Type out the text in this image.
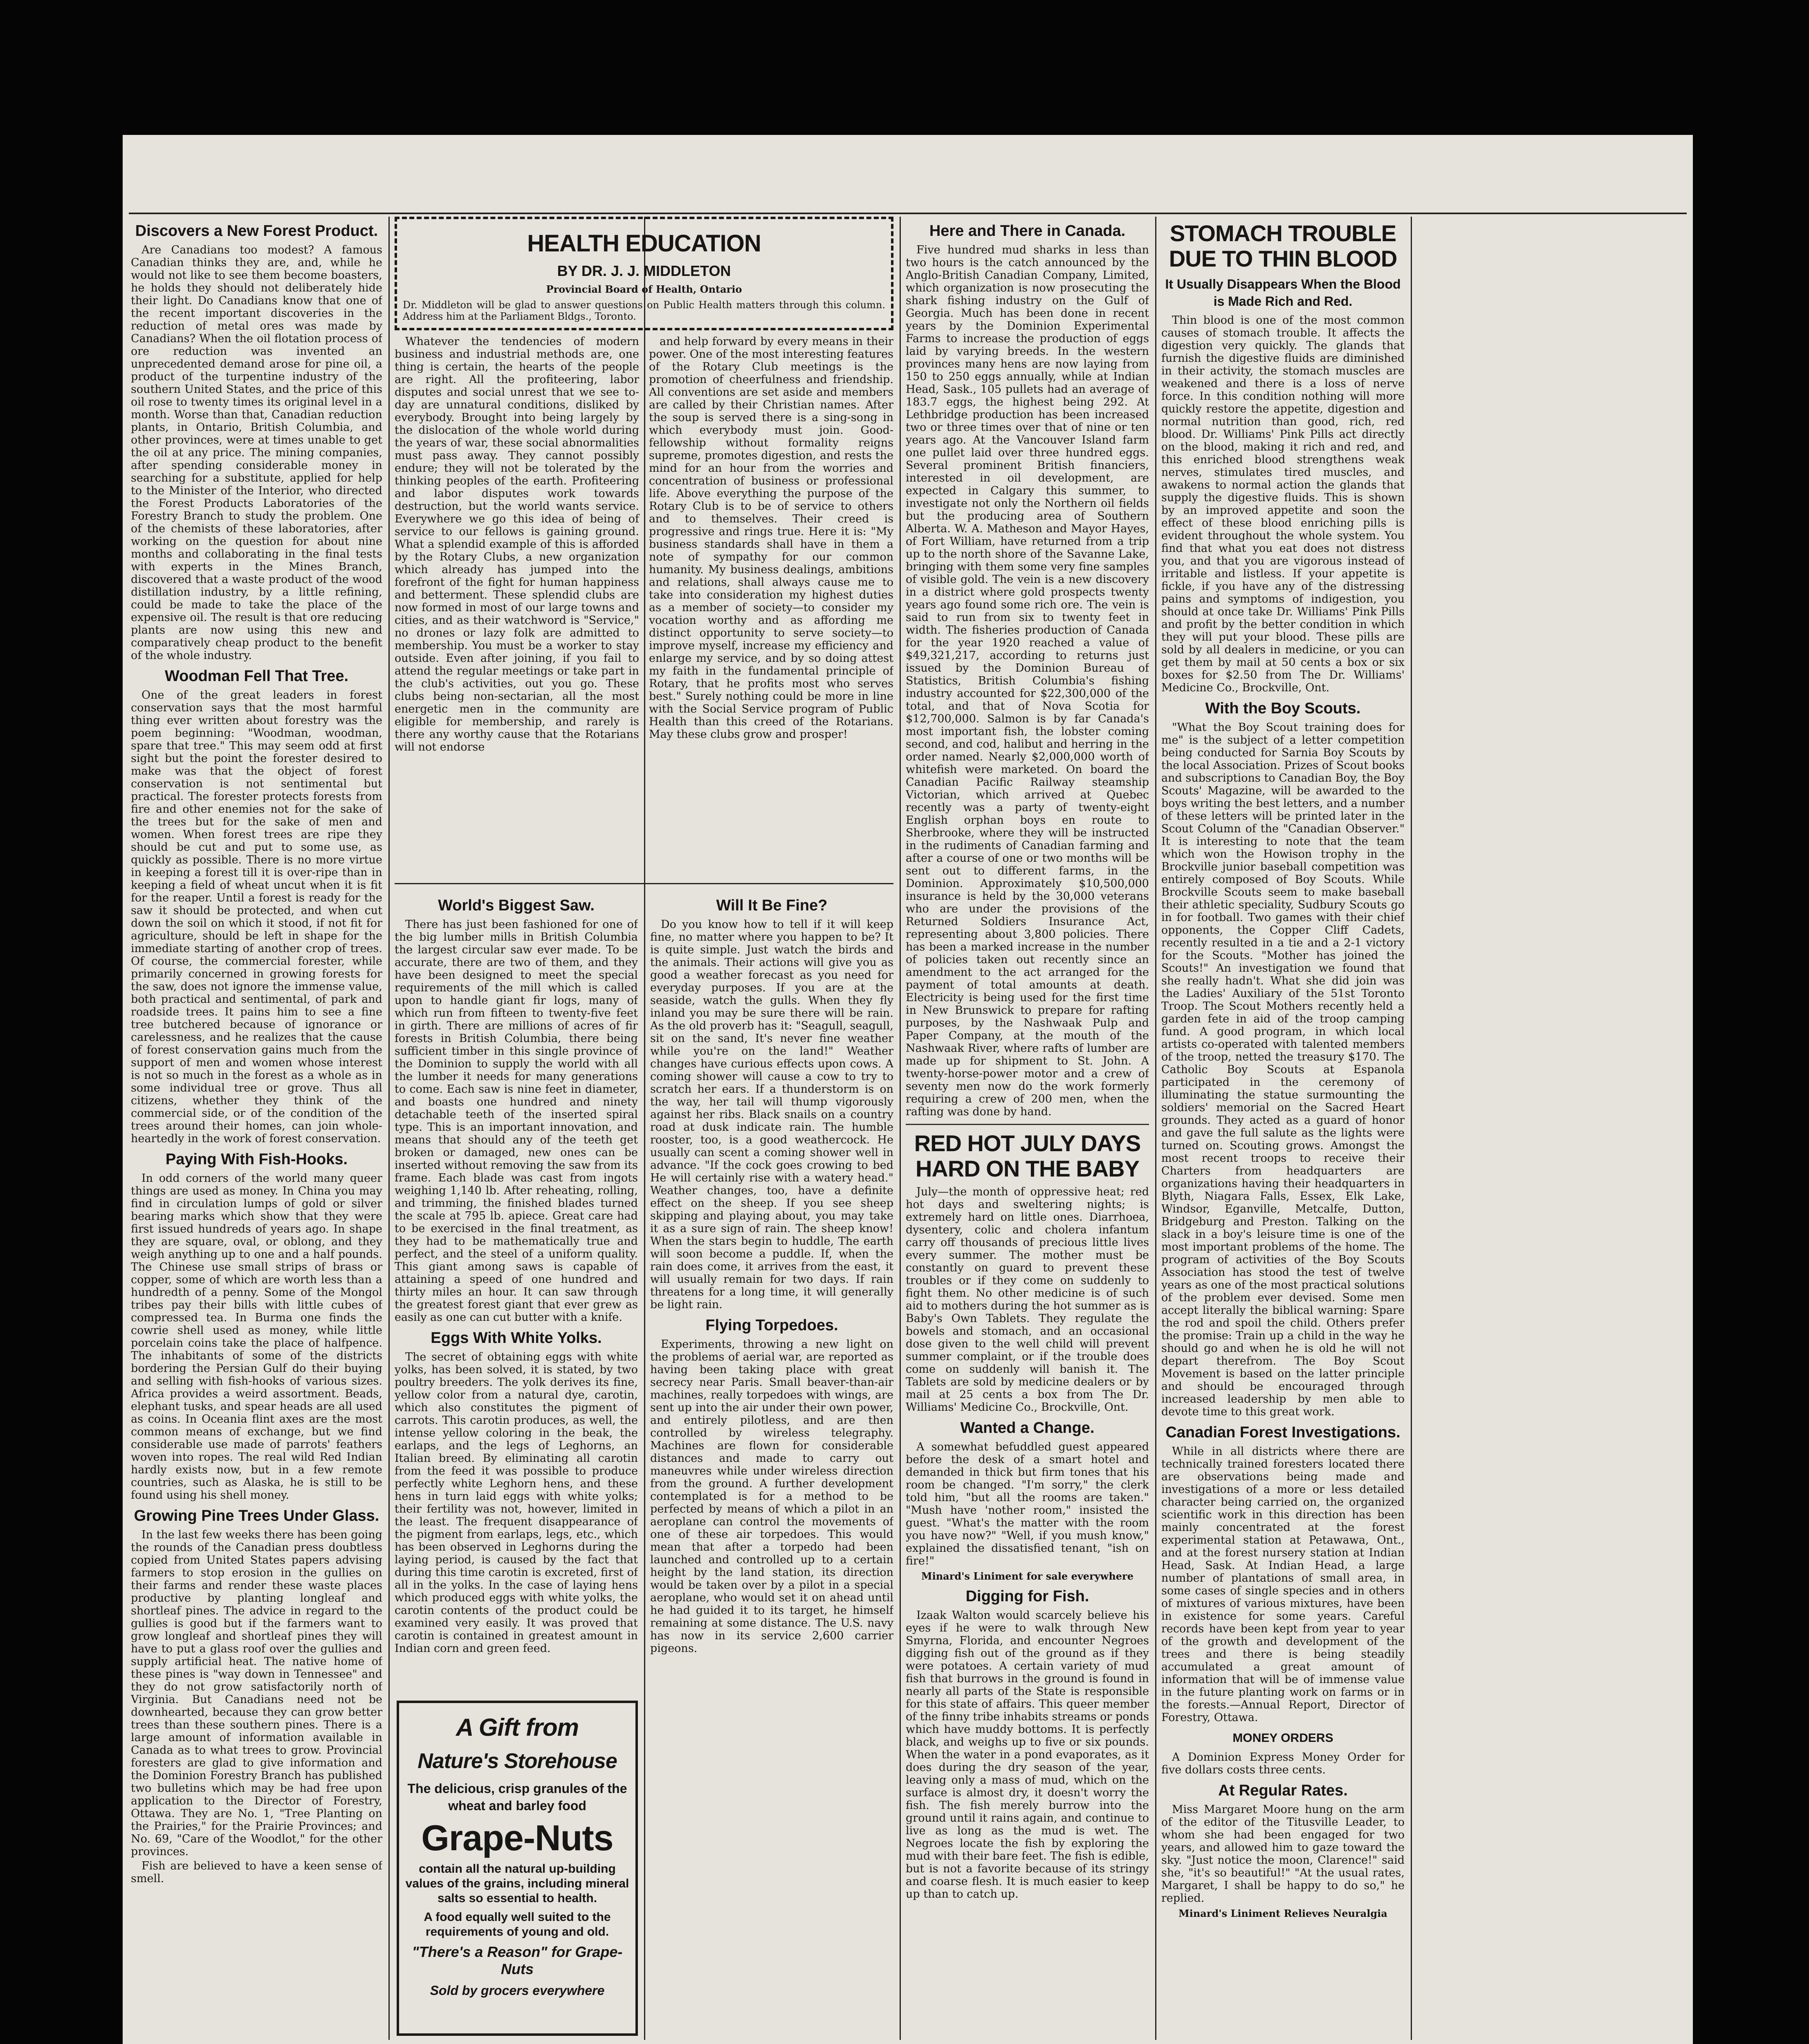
Discovers a New Forest Product.

Are Canadians too modest? A famous Canadian thinks they are, and, while he would not like to see them become boasters, he holds they should not deliberately hide their light. Do Canadians know that one of the recent important discoveries in the reduction of metal ores was made by Canadians? When the oil flotation process of ore reduction was invented an unprecedented demand arose for pine oil, a product of the turpentine industry of the southern United States, and the price of this oil rose to twenty times its original level in a month. Worse than that, Canadian reduction plants, in Ontario, British Columbia, and other provinces, were at times unable to get the oil at any price. The mining companies, after spending considerable money in searching for a substitute, applied for help to the Minister of the Interior, who directed the Forest Products Laboratories of the Forestry Branch to study the problem. One of the chemists of these laboratories, after working on the question for about nine months and collaborating in the final tests with experts in the Mines Branch, discovered that a waste product of the wood distillation industry, by a little refining, could be made to take the place of the expensive oil. The result is that ore reducing plants are now using this new and comparatively cheap product to the benefit of the whole industry.

Woodman Fell That Tree.

One of the great leaders in forest conservation says that the most harmful thing ever written about forestry was the poem beginning: "Woodman, woodman, spare that tree." This may seem odd at first sight but the point the forester desired to make was that the object of forest conservation is not sentimental but practical. The forester protects forests from fire and other enemies not for the sake of the trees but for the sake of men and women. When forest trees are ripe they should be cut and put to some use, as quickly as possible. There is no more virtue in keeping a forest till it is over-ripe than in keeping a field of wheat uncut when it is fit for the reaper. Until a forest is ready for the saw it should be protected, and when cut down the soil on which it stood, if not fit for agriculture, should be left in shape for the immediate starting of another crop of trees. Of course, the commercial forester, while primarily concerned in growing forests for the saw, does not ignore the immense value, both practical and sentimental, of park and roadside trees. It pains him to see a fine tree butchered because of ignorance or carelessness, and he realizes that the cause of forest conservation gains much from the support of men and women whose interest is not so much in the forest as a whole as in some individual tree or grove. Thus all citizens, whether they think of the commercial side, or of the condition of the trees around their homes, can join whole-heartedly in the work of forest conservation.

Paying With Fish-Hooks.

In odd corners of the world many queer things are used as money. In China you may find in circulation lumps of gold or silver bearing marks which show that they were first issued hundreds of years ago. In shape they are square, oval, or oblong, and they weigh anything up to one and a half pounds. The Chinese use small strips of brass or copper, some of which are worth less than a hundredth of a penny. Some of the Mongol tribes pay their bills with little cubes of compressed tea. In Burma one finds the cowrie shell used as money, while little porcelain coins take the place of halfpence. The inhabitants of some of the districts bordering the Persian Gulf do their buying and selling with fish-hooks of various sizes. Africa provides a weird assortment. Beads, elephant tusks, and spear heads are all used as coins. In Oceania flint axes are the most common means of exchange, but we find considerable use made of parrots' feathers woven into ropes. The real wild Red Indian hardly exists now, but in a few remote countries, such as Alaska, he is still to be found using his shell money.

Growing Pine Trees Under Glass.

In the last few weeks there has been going the rounds of the Canadian press doubtless copied from United States papers advising farmers to stop erosion in the gullies on their farms and render these waste places productive by planting longleaf and shortleaf pines. The advice in regard to the gullies is good but if the farmers want to grow longleaf and shortleaf pines they will have to put a glass roof over the gullies and supply artificial heat. The native home of these pines is "way down in Tennessee" and they do not grow satisfactorily north of Virginia. But Canadians need not be downhearted, because they can grow better trees than these southern pines. There is a large amount of information available in Canada as to what trees to grow. Provincial foresters are glad to give information and the Dominion Forestry Branch has published two bulletins which may be had free upon application to the Director of Forestry, Ottawa. They are No. 1, "Tree Planting on the Prairies," for the Prairie Provinces; and No. 69, "Care of the Woodlot," for the other provinces.

Fish are believed to have a keen sense of smell.

HEALTH EDUCATION
BY DR. J. J. MIDDLETON
Provincial Board of Health, Ontario
Dr. Middleton will be glad to answer questions on Public Health matters through this column. Address him at the Parliament Bldgs., Toronto.

Whatever the tendencies of modern business and industrial methods are, one thing is certain, the hearts of the people are right. All the profiteering, labor disputes and social unrest that we see to-day are unnatural conditions, disliked by everybody. Brought into being largely by the dislocation of the whole world during the years of war, these social abnormalities must pass away. They cannot possibly endure; they will not be tolerated by the thinking peoples of the earth. Profiteering and labor disputes work towards destruction, but the world wants service. Everywhere we go this idea of being of service to our fellows is gaining ground. What a splendid example of this is afforded by the Rotary Clubs, a new organization which already has jumped into the forefront of the fight for human happiness and betterment. These splendid clubs are now formed in most of our large towns and cities, and as their watchword is "Service," no drones or lazy folk are admitted to membership. You must be a worker to stay outside. Even after joining, if you fail to attend the regular meetings or take part in the club's activities, out you go. These clubs being non-sectarian, all the most energetic men in the community are eligible for membership, and rarely is there any worthy cause that the Rotarians will not endorse

and help forward by every means in their power. One of the most interesting features of the Rotary Club meetings is the promotion of cheerfulness and friendship. All conventions are set aside and members are called by their Christian names. After the soup is served there is a sing-song in which everybody must join. Good-fellowship without formality reigns supreme, promotes digestion, and rests the mind for an hour from the worries and concentration of business or professional life. Above everything the purpose of the Rotary Club is to be of service to others and to themselves. Their creed is progressive and rings true. Here it is: "My business standards shall have in them a note of sympathy for our common humanity. My business dealings, ambitions and relations, shall always cause me to take into consideration my highest duties as a member of society—to consider my vocation worthy and as affording me distinct opportunity to serve society—to improve myself, increase my efficiency and enlarge my service, and by so doing attest my faith in the fundamental principle of Rotary, that he profits most who serves best." Surely nothing could be more in line with the Social Service program of Public Health than this creed of the Rotarians. May these clubs grow and prosper!

World's Biggest Saw.

There has just been fashioned for one of the big lumber mills in British Columbia the largest circular saw ever made. To be accurate, there are two of them, and they have been designed to meet the special requirements of the mill which is called upon to handle giant fir logs, many of which run from fifteen to twenty-five feet in girth. There are millions of acres of fir forests in British Columbia, there being sufficient timber in this single province of the Dominion to supply the world with all the lumber it needs for many generations to come. Each saw is nine feet in diameter, and boasts one hundred and ninety detachable teeth of the inserted spiral type. This is an important innovation, and means that should any of the teeth get broken or damaged, new ones can be inserted without removing the saw from its frame. Each blade was cast from ingots weighing 1,140 lb. After reheating, rolling, and trimming, the finished blades turned the scale at 795 lb. apiece. Great care had to be exercised in the final treatment, as they had to be mathematically true and perfect, and the steel of a uniform quality. This giant among saws is capable of attaining a speed of one hundred and thirty miles an hour. It can saw through the greatest forest giant that ever grew as easily as one can cut butter with a knife.

Eggs With White Yolks.

The secret of obtaining eggs with white yolks, has been solved, it is stated, by two poultry breeders. The yolk derives its fine, yellow color from a natural dye, carotin, which also constitutes the pigment of carrots. This carotin produces, as well, the intense yellow coloring in the beak, the earlaps, and the legs of Leghorns, an Italian breed. By eliminating all carotin from the feed it was possible to produce perfectly white Leghorn hens, and these hens in turn laid eggs with white yolks; their fertility was not, however, limited in the least. The frequent disappearance of the pigment from earlaps, legs, etc., which has been observed in Leghorns during the laying period, is caused by the fact that during this time carotin is excreted, first of all in the yolks. In the case of laying hens which produced eggs with white yolks, the carotin contents of the product could be examined very easily. It was proved that carotin is contained in greatest amount in Indian corn and green feed.

A Gift from
Nature's Storehouse
The delicious, crisp granules of the wheat and barley food
Grape-Nuts
contain all the natural up-building values of the grains, including mineral salts so essential to health.
A food equally well suited to the requirements of young and old.
"There's a Reason" for Grape-Nuts
Sold by grocers everywhere
Will It Be Fine?

Do you know how to tell if it will keep fine, no matter where you happen to be? It is quite simple. Just watch the birds and the animals. Their actions will give you as good a weather forecast as you need for everyday purposes. If you are at the seaside, watch the gulls. When they fly inland you may be sure there will be rain. As the old proverb has it: "Seagull, seagull, sit on the sand, It's never fine weather while you're on the land!" Weather changes have curious effects upon cows. A coming shower will cause a cow to try to scratch her ears. If a thunderstorm is on the way, her tail will thump vigorously against her ribs. Black snails on a country road at dusk indicate rain. The humble rooster, too, is a good weathercock. He usually can scent a coming shower well in advance. "If the cock goes crowing to bed He will certainly rise with a watery head." Weather changes, too, have a definite effect on the sheep. If you see sheep skipping and playing about, you may take it as a sure sign of rain. The sheep know! When the stars begin to huddle, The earth will soon become a puddle. If, when the rain does come, it arrives from the east, it will usually remain for two days. If rain threatens for a long time, it will generally be light rain.

Flying Torpedoes.

Experiments, throwing a new light on the problems of aerial war, are reported as having been taking place with great secrecy near Paris. Small beaver-than-air machines, really torpedoes with wings, are sent up into the air under their own power, and entirely pilotless, and are then controlled by wireless telegraphy. Machines are flown for considerable distances and made to carry out maneuvres while under wireless direction from the ground. A further development contemplated is for a method to be perfected by means of which a pilot in an aeroplane can control the movements of one of these air torpedoes. This would mean that after a torpedo had been launched and controlled up to a certain height by the land station, its direction would be taken over by a pilot in a special aeroplane, who would set it on ahead until he had guided it to its target, he himself remaining at some distance. The U.S. navy has now in its service 2,600 carrier pigeons.

Here and There in Canada.

Five hundred mud sharks in less than two hours is the catch announced by the Anglo-British Canadian Company, Limited, which organization is now prosecuting the shark fishing industry on the Gulf of Georgia. Much has been done in recent years by the Dominion Experimental Farms to increase the production of eggs laid by varying breeds. In the western provinces many hens are now laying from 150 to 250 eggs annually, while at Indian Head, Sask., 105 pullets had an average of 183.7 eggs, the highest being 292. At Lethbridge production has been increased two or three times over that of nine or ten years ago. At the Vancouver Island farm one pullet laid over three hundred eggs. Several prominent British financiers, interested in oil development, are expected in Calgary this summer, to investigate not only the Northern oil fields but the producing area of Southern Alberta. W. A. Matheson and Mayor Hayes, of Fort William, have returned from a trip up to the north shore of the Savanne Lake, bringing with them some very fine samples of visible gold. The vein is a new discovery in a district where gold prospects twenty years ago found some rich ore. The vein is said to run from six to twenty feet in width. The fisheries production of Canada for the year 1920 reached a value of $49,321,217, according to returns just issued by the Dominion Bureau of Statistics, British Columbia's fishing industry accounted for $22,300,000 of the total, and that of Nova Scotia for $12,700,000. Salmon is by far Canada's most important fish, the lobster coming second, and cod, halibut and herring in the order named. Nearly $2,000,000 worth of whitefish were marketed. On board the Canadian Pacific Railway steamship Victorian, which arrived at Quebec recently was a party of twenty-eight English orphan boys en route to Sherbrooke, where they will be instructed in the rudiments of Canadian farming and after a course of one or two months will be sent out to different farms, in the Dominion. Approximately $10,500,000 insurance is held by the 30,000 veterans who are under the provisions of the Returned Soldiers Insurance Act, representing about 3,800 policies. There has been a marked increase in the number of policies taken out recently since an amendment to the act arranged for the payment of total amounts at death. Electricity is being used for the first time in New Brunswick to prepare for rafting purposes, by the Nashwaak Pulp and Paper Company, at the mouth of the Nashwaak River, where rafts of lumber are made up for shipment to St. John. A twenty-horse-power motor and a crew of seventy men now do the work formerly requiring a crew of 200 men, when the rafting was done by hand.

RED HOT JULY DAYS HARD ON THE BABY

July—the month of oppressive heat; red hot days and sweltering nights; is extremely hard on little ones. Diarrhoea, dysentery, colic and cholera infantum carry off thousands of precious little lives every summer. The mother must be constantly on guard to prevent these troubles or if they come on suddenly to fight them. No other medicine is of such aid to mothers during the hot summer as is Baby's Own Tablets. They regulate the bowels and stomach, and an occasional dose given to the well child will prevent summer complaint, or if the trouble does come on suddenly will banish it. The Tablets are sold by medicine dealers or by mail at 25 cents a box from The Dr. Williams' Medicine Co., Brockville, Ont.

Wanted a Change.

A somewhat befuddled guest appeared before the desk of a smart hotel and demanded in thick but firm tones that his room be changed. "I'm sorry," the clerk told him, "but all the rooms are taken." "Mush have 'nother room," insisted the guest. "What's the matter with the room you have now?" "Well, if you mush know," explained the dissatisfied tenant, "ish on fire!"

Minard's Liniment for sale everywhere
Digging for Fish.

Izaak Walton would scarcely believe his eyes if he were to walk through New Smyrna, Florida, and encounter Negroes digging fish out of the ground as if they were potatoes. A certain variety of mud fish that burrows in the ground is found in nearly all parts of the State is responsible for this state of affairs. This queer member of the finny tribe inhabits streams or ponds which have muddy bottoms. It is perfectly black, and weighs up to five or six pounds. When the water in a pond evaporates, as it does during the dry season of the year, leaving only a mass of mud, which on the surface is almost dry, it doesn't worry the fish. The fish merely burrow into the ground until it rains again, and continue to live as long as the mud is wet. The Negroes locate the fish by exploring the mud with their bare feet. The fish is edible, but is not a favorite because of its stringy and coarse flesh. It is much easier to keep up than to catch up.

STOMACH TROUBLE DUE TO THIN BLOOD
It Usually Disappears When the Blood is Made Rich and Red.

Thin blood is one of the most common causes of stomach trouble. It affects the digestion very quickly. The glands that furnish the digestive fluids are diminished in their activity, the stomach muscles are weakened and there is a loss of nerve force. In this condition nothing will more quickly restore the appetite, digestion and normal nutrition than good, rich, red blood. Dr. Williams' Pink Pills act directly on the blood, making it rich and red, and this enriched blood strengthens weak nerves, stimulates tired muscles, and awakens to normal action the glands that supply the digestive fluids. This is shown by an improved appetite and soon the effect of these blood enriching pills is evident throughout the whole system. You find that what you eat does not distress you, and that you are vigorous instead of irritable and listless. If your appetite is fickle, if you have any of the distressing pains and symptoms of indigestion, you should at once take Dr. Williams' Pink Pills and profit by the better condition in which they will put your blood. These pills are sold by all dealers in medicine, or you can get them by mail at 50 cents a box or six boxes for $2.50 from The Dr. Williams' Medicine Co., Brockville, Ont.

With the Boy Scouts.

"What the Boy Scout training does for me" is the subject of a letter competition being conducted for Sarnia Boy Scouts by the local Association. Prizes of Scout books and subscriptions to Canadian Boy, the Boy Scouts' Magazine, will be awarded to the boys writing the best letters, and a number of these letters will be printed later in the Scout Column of the "Canadian Observer." It is interesting to note that the team which won the Howison trophy in the Brockville junior baseball competition was entirely composed of Boy Scouts. While Brockville Scouts seem to make baseball their athletic speciality, Sudbury Scouts go in for football. Two games with their chief opponents, the Copper Cliff Cadets, recently resulted in a tie and a 2-1 victory for the Scouts. "Mother has joined the Scouts!" An investigation we found that she really hadn't. What she did join was the Ladies' Auxiliary of the 51st Toronto Troop. The Scout Mothers recently held a garden fete in aid of the troop camping fund. A good program, in which local artists co-operated with talented members of the troop, netted the treasury $170. The Catholic Boy Scouts at Espanola participated in the ceremony of illuminating the statue surmounting the soldiers' memorial on the Sacred Heart grounds. They acted as a guard of honor and gave the full salute as the lights were turned on. Scouting grows. Amongst the most recent troops to receive their Charters from headquarters are organizations having their headquarters in Blyth, Niagara Falls, Essex, Elk Lake, Windsor, Eganville, Metcalfe, Dutton, Bridgeburg and Preston. Talking on the slack in a boy's leisure time is one of the most important problems of the home. The program of activities of the Boy Scouts Association has stood the test of twelve years as one of the most practical solutions of the problem ever devised. Some men accept literally the biblical warning: Spare the rod and spoil the child. Others prefer the promise: Train up a child in the way he should go and when he is old he will not depart therefrom. The Boy Scout Movement is based on the latter principle and should be encouraged through increased leadership by men able to devote time to this great work.

Canadian Forest Investigations.

While in all districts where there are technically trained foresters located there are observations being made and investigations of a more or less detailed character being carried on, the organized scientific work in this direction has been mainly concentrated at the forest experimental station at Petawawa, Ont., and at the forest nursery station at Indian Head, Sask. At Indian Head, a large number of plantations of small area, in some cases of single species and in others of mixtures of various mixtures, have been in existence for some years. Careful records have been kept from year to year of the growth and development of the trees and there is being steadily accumulated a great amount of information that will be of immense value in the future planting work on farms or in the forests.—Annual Report, Director of Forestry, Ottawa.

MONEY ORDERS

A Dominion Express Money Order for five dollars costs three cents.

At Regular Rates.

Miss Margaret Moore hung on the arm of the editor of the Titusville Leader, to whom she had been engaged for two years, and allowed him to gaze toward the sky. "Just notice the moon, Clarence!" said she, "it's so beautiful!" "At the usual rates, Margaret, I shall be happy to do so," he replied.

Minard's Liniment Relieves Neuralgia
